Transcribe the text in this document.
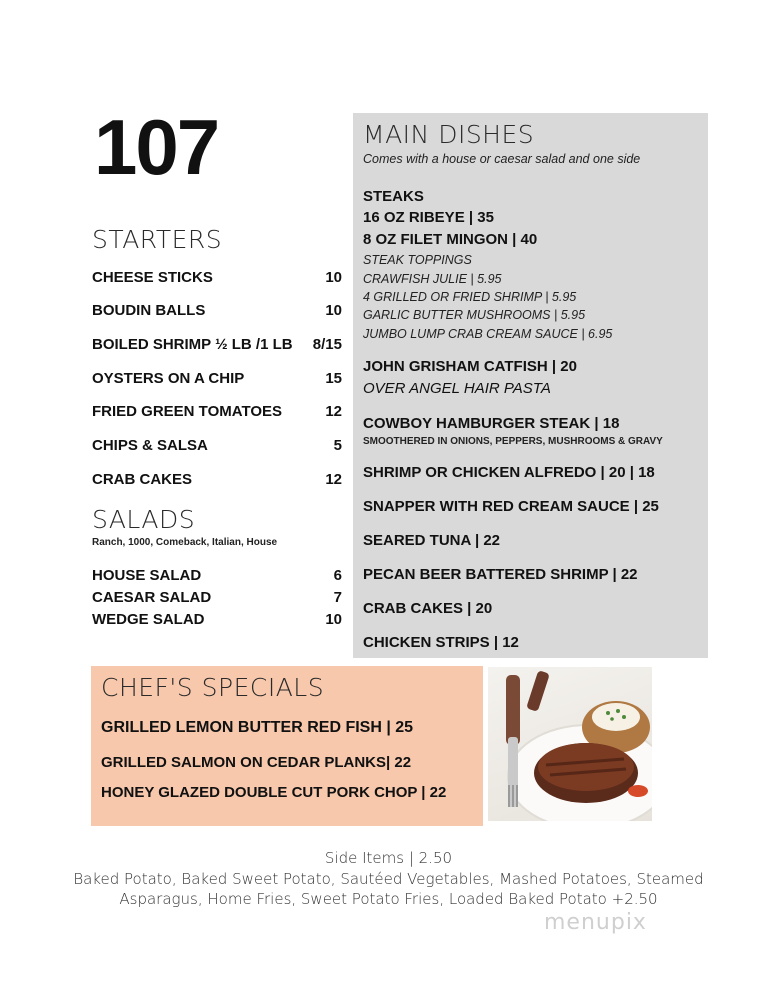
107
STARTERS
CHEESE STICKS	10
BOUDIN BALLS	10
BOILED SHRIMP ½ LB /1 LB 8/15
OYSTERS ON A CHIP	15
FRIED GREEN TOMATOES	12
CHIPS & SALSA	5
CRAB CAKES	12
SALADS
Ranch, 1000, Comeback, Italian, House
HOUSE SALAD	6
CAESAR SALAD	7
WEDGE SALAD	10
MAIN DISHES
Comes with a house or caesar salad and one side
STEAKS
16 OZ RIBEYE | 35
8 OZ FILET MINGON | 40
STEAK TOPPINGS
CRAWFISH JULIE | 5.95
4 GRILLED OR FRIED SHRIMP | 5.95
GARLIC BUTTER MUSHROOMS | 5.95
JUMBO LUMP CRAB CREAM SAUCE | 6.95
JOHN GRISHAM CATFISH | 20
OVER ANGEL HAIR PASTA
COWBOY HAMBURGER STEAK | 18
SMOOTHERED IN ONIONS, PEPPERS, MUSHROOMS & GRAVY
SHRIMP OR CHICKEN ALFREDO | 20 | 18
SNAPPER WITH RED CREAM SAUCE | 25
SEARED TUNA | 22
PECAN BEER BATTERED SHRIMP | 22
CRAB CAKES | 20
CHICKEN STRIPS | 12
CHEF'S SPECIALS
GRILLED LEMON BUTTER RED FISH | 25
GRILLED SALMON ON CEDAR PLANKS| 22
HONEY GLAZED DOUBLE CUT PORK CHOP | 22
Side Items | 2.50
Baked Potato, Baked Sweet Potato, Sautéed Vegetables, Mashed Potatoes, Steamed
Asparagus, Home Fries, Sweet Potato Fries, Loaded Baked Potato +2.50
menupix
